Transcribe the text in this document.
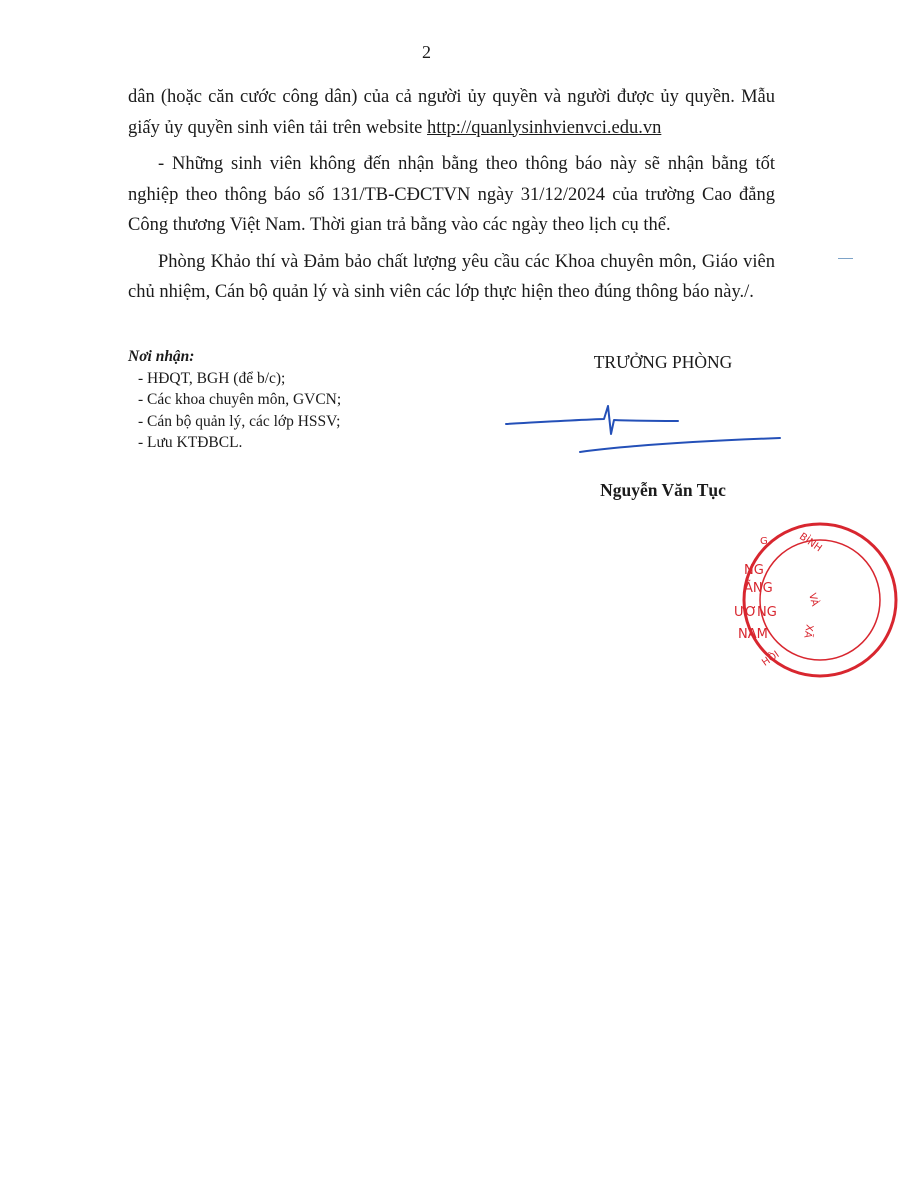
2

dân (hoặc căn cước công dân) của cả người ủy quyền và người được ủy quyền. Mẫu giấy ủy quyền sinh viên tải trên website http://quanlysinhvienvci.edu.vn

- Những sinh viên không đến nhận bằng theo thông báo này sẽ nhận bằng tốt nghiệp theo thông báo số 131/TB-CĐCTVN ngày 31/12/2024 của trường Cao đẳng Công thương Việt Nam. Thời gian trả bằng vào các ngày theo lịch cụ thể.

Phòng Khảo thí và Đảm bảo chất lượng yêu cầu các Khoa chuyên môn, Giáo viên chủ nhiệm, Cán bộ quản lý và sinh viên các lớp thực hiện theo đúng thông báo này./.

Nơi nhận:
- HĐQT, BGH (để b/c);
- Các khoa chuyên môn, GVCN;
- Cán bộ quản lý, các lớp HSSV;
- Lưu KTĐBCL.
TRƯỞNG PHÒNG
Nguyễn Văn Tục
G	BÌNH
VÀ
XÃ
HỘI
NG
ẰNG
ƯƠNG
NAM
